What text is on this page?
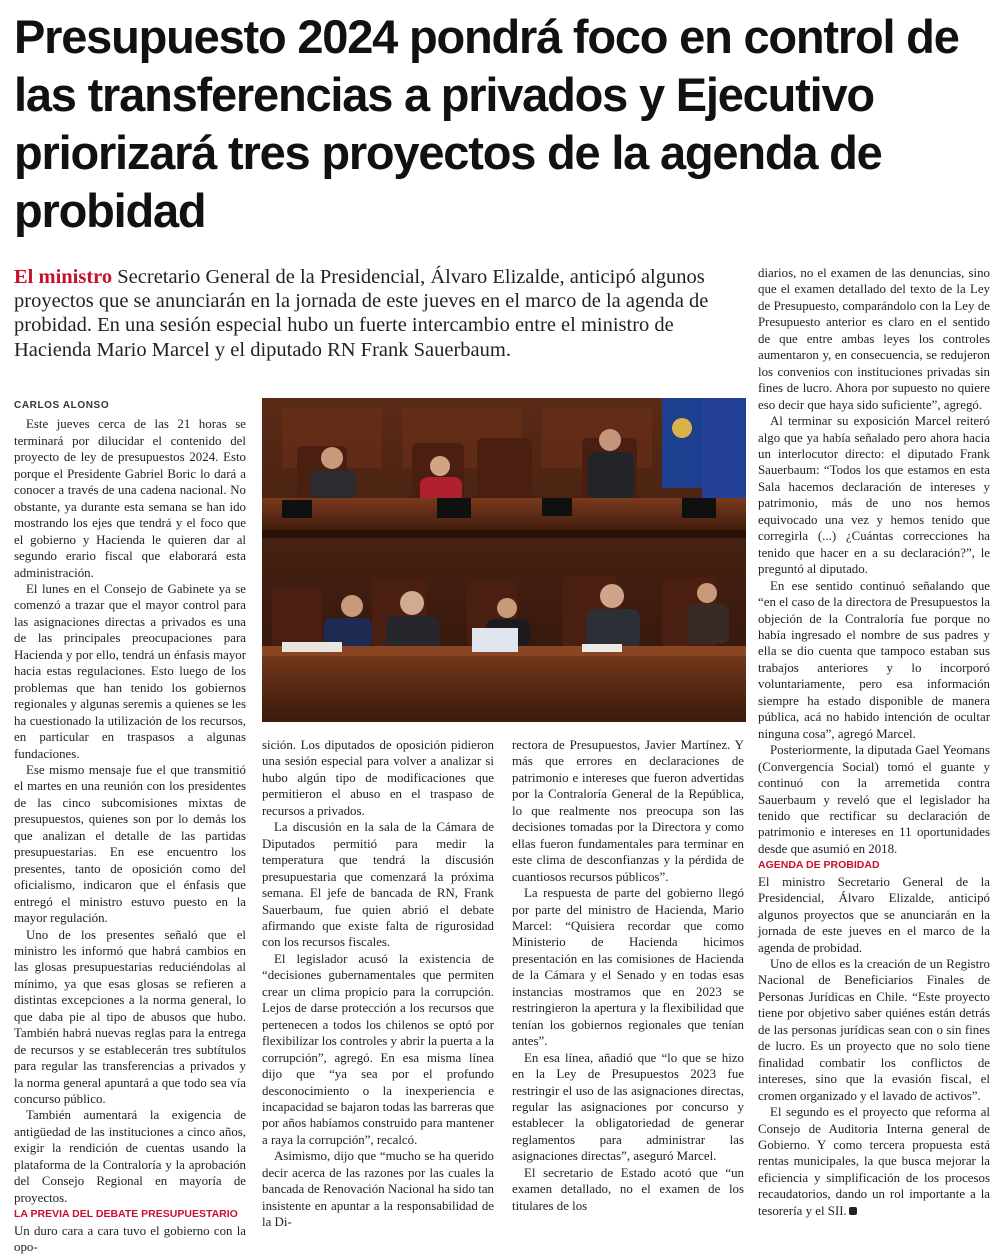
Presupuesto 2024 pondrá foco en control de las transferencias a privados y Ejecutivo priorizará tres proyectos de la agenda de probidad

El ministro Secretario General de la Presidencial, Álvaro Elizalde, anticipó algunos proyectos que se anunciarán en la jornada de este jueves en el marco de la agenda de probidad. En una sesión especial hubo un fuerte intercambio entre el ministro de Hacienda Mario Marcel y el diputado RN Frank Sauerbaum.

CARLOS ALONSO

Este jueves cerca de las 21 horas se terminará por dilucidar el contenido del proyecto de ley de presupuestos 2024. Esto porque el Presidente Gabriel Boric lo dará a conocer a través de una cadena nacional. No obstante, ya durante esta semana se han ido mostrando los ejes que tendrá y el foco que el gobierno y Hacienda le quieren dar al segundo erario fiscal que elaborará esta administración.

El lunes en el Consejo de Gabinete ya se comenzó a trazar que el mayor control para las asignaciones directas a privados es una de las principales preocupaciones para Hacienda y por ello, tendrá un énfasis mayor hacia estas regulaciones. Esto luego de los problemas que han tenido los gobiernos regionales y algunas seremis a quienes se les ha cuestionado la utilización de los recursos, en particular en traspasos a algunas fundaciones.

Ese mismo mensaje fue el que transmitió el martes en una reunión con los presidentes de las cinco subcomisiones mixtas de presupuestos, quienes son por lo demás los que analizan el detalle de las partidas presupuestarias. En ese encuentro los presentes, tanto de oposición como del oficialismo, indicaron que el énfasis que entregó el ministro estuvo puesto en la mayor regulación.

Uno de los presentes señaló que el ministro les informó que habrá cambios en las glosas presupuestarias reduciéndolas al mínimo, ya que esas glosas se refieren a distintas excepciones a la norma general, lo que daba pie al tipo de abusos que hubo. También habrá nuevas reglas para la entrega de recursos y se establecerán tres subtítulos para regular las transferencias a privados y la norma general apuntará a que todo sea vía concurso público.

También aumentará la exigencia de antigüedad de las instituciones a cinco años, exigir la rendición de cuentas usando la plataforma de la Contraloría y la aprobación del Consejo Regional en mayoría de proyectos.

LA PREVIA DEL DEBATE PRESUPUESTARIO

Un duro cara a cara tuvo el gobierno con la opo-

sición. Los diputados de oposición pidieron una sesión especial para volver a analizar si hubo algún tipo de modificaciones que permitieron el abuso en el traspaso de recursos a privados.

La discusión en la sala de la Cámara de Diputados permitió para medir la temperatura que tendrá la discusión presupuestaria que comenzará la próxima semana. El jefe de bancada de RN, Frank Sauerbaum, fue quien abrió el debate afirmando que existe falta de rigurosidad con los recursos fiscales.

El legislador acusó la existencia de “decisiones gubernamentales que permiten crear un clima propicio para la corrupción. Lejos de darse protección a los recursos que pertenecen a todos los chilenos se optó por flexibilizar los controles y abrir la puerta a la corrupción”, agregó. En esa misma línea dijo que “ya sea por el profundo desconocimiento o la inexperiencia e incapacidad se bajaron todas las barreras que por años habíamos construido para mantener a raya la corrupción”, recalcó.

Asimismo, dijo que “mucho se ha querido decir acerca de las razones por las cuales la bancada de Renovación Nacional ha sido tan insistente en apuntar a la responsabilidad de la Di-

rectora de Presupuestos, Javier Martínez. Y más que errores en declaraciones de patrimonio e intereses que fueron advertidas por la Contraloría General de la República, lo que realmente nos preocupa son las decisiones tomadas por la Directora y como ellas fueron fundamentales para terminar en este clima de desconfianzas y la pérdida de cuantiosos recursos públicos”.

La respuesta de parte del gobierno llegó por parte del ministro de Hacienda, Mario Marcel: “Quisiera recordar que como Ministerio de Hacienda hicimos presentación en las comisiones de Hacienda de la Cámara y el Senado y en todas esas instancias mostramos que en 2023 se restringieron la apertura y la flexibilidad que tenían los gobiernos regionales que tenían antes”.

En esa línea, añadió que “lo que se hizo en la Ley de Presupuestos 2023 fue restringir el uso de las asignaciones directas, regular las asignaciones por concurso y establecer la obligatoriedad de generar reglamentos para administrar las asignaciones directas”, aseguró Marcel.

El secretario de Estado acotó que “un examen detallado, no el examen de los titulares de los

diarios, no el examen de las denuncias, sino que el examen detallado del texto de la Ley de Presupuesto, comparándolo con la Ley de Presupuesto anterior es claro en el sentido de que entre ambas leyes los controles aumentaron y, en consecuencia, se redujeron los convenios con instituciones privadas sin fines de lucro. Ahora por supuesto no quiere eso decir que haya sido suficiente”, agregó.

Al terminar su exposición Marcel reiteró algo que ya había señalado pero ahora hacia un interlocutor directo: el diputado Frank Sauerbaum: “Todos los que estamos en esta Sala hacemos declaración de intereses y patrimonio, más de uno nos hemos equivocado una vez y hemos tenido que corregirla (...) ¿Cuántas correcciones ha tenido que hacer en a su declaración?”, le preguntó al diputado.

En ese sentido continuó señalando que “en el caso de la directora de Presupuestos la objeción de la Contraloría fue porque no había ingresado el nombre de sus padres y ella se dio cuenta que tampoco estaban sus trabajos anteriores y lo incorporó voluntariamente, pero esa información siempre ha estado disponible de manera pública, acá no habido intención de ocultar ninguna cosa”, agregó Marcel.

Posteriormente, la diputada Gael Yeomans (Convergencia Social) tomó el guante y continuó con la arremetida contra Sauerbaum y reveló que el legislador ha tenido que rectificar su declaración de patrimonio e intereses en 11 oportunidades desde que asumió en 2018.

AGENDA DE PROBIDAD

El ministro Secretario General de la Presidencial, Álvaro Elizalde, anticipó algunos proyectos que se anunciarán en la jornada de este jueves en el marco de la agenda de probidad.

Uno de ellos es la creación de un Registro Nacional de Beneficiarios Finales de Personas Jurídicas en Chile. “Este proyecto tiene por objetivo saber quiénes están detrás de las personas jurídicas sean con o sin fines de lucro. Es un proyecto que no solo tiene finalidad combatir los conflictos de intereses, sino que la evasión fiscal, el cromen organizado y el lavado de activos”.

El segundo es el proyecto que reforma al Consejo de Auditoria Interna general de Gobierno. Y como tercera propuesta está rentas municipales, la que busca mejorar la eficiencia y simplificación de los procesos recaudatorios, dando un rol importante a la tesorería y el SII.
